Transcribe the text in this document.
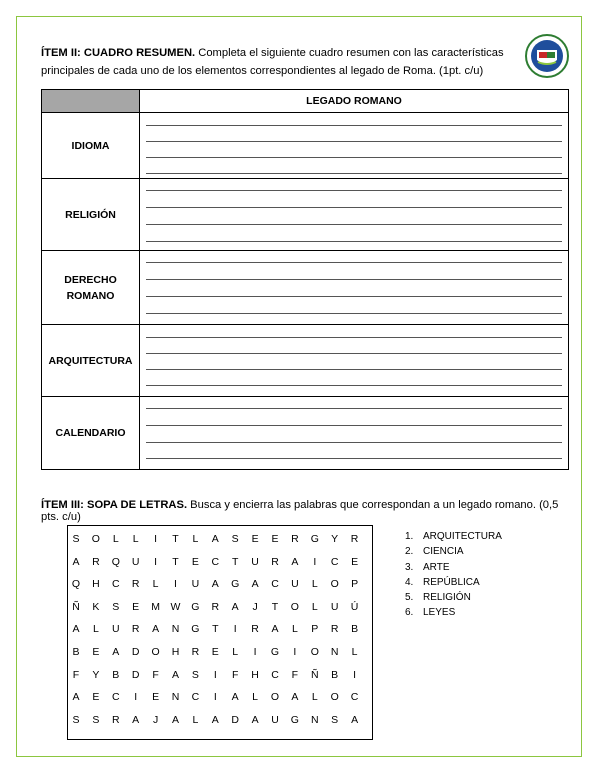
ÍTEM II: CUADRO RESUMEN. Completa el siguiente cuadro resumen con las características principales de cada uno de los elementos correspondientes al legado de Roma. (1pt. c/u)
	LEGADO ROMANO
IDIOMA	

RELIGIÓN	

DERECHO ROMANO	

ARQUITECTURA	

CALENDARIO	
ÍTEM III: SOPA DE LETRAS. Busca y encierra las palabras que correspondan a un legado romano. (0,5 pts. c/u)
S	O	L	L	I	T	L	A	S	E	E	R	G	Y	R
A	R	Q	U	I	T	E	C	T	U	R	A	I	C	E
Q	H	C	R	L	I	U	A	G	A	C	U	L	O	P
Ñ	K	S	E	M W G	R	A	J	T	O	L	U	Ú
A	L	U	R	A	N	G	T	I	R	A	L	P	R	B
B	E	A	D	O	H	R	E	L	I	G	I	O	N	L
F	Y	B	D	F	A	S	I	F	H	C	F	Ñ	B	I
A	E	C	I	E	N	C	I	A	L	O	A	L	O	C
S	S	R	A	J	A	L	A	D	A	U	G	N	S	A
1. ARQUITECTURA
2. CIENCIA
3. ARTE
4. REPÚBLICA
5. RELIGIÓN
6. LEYES
